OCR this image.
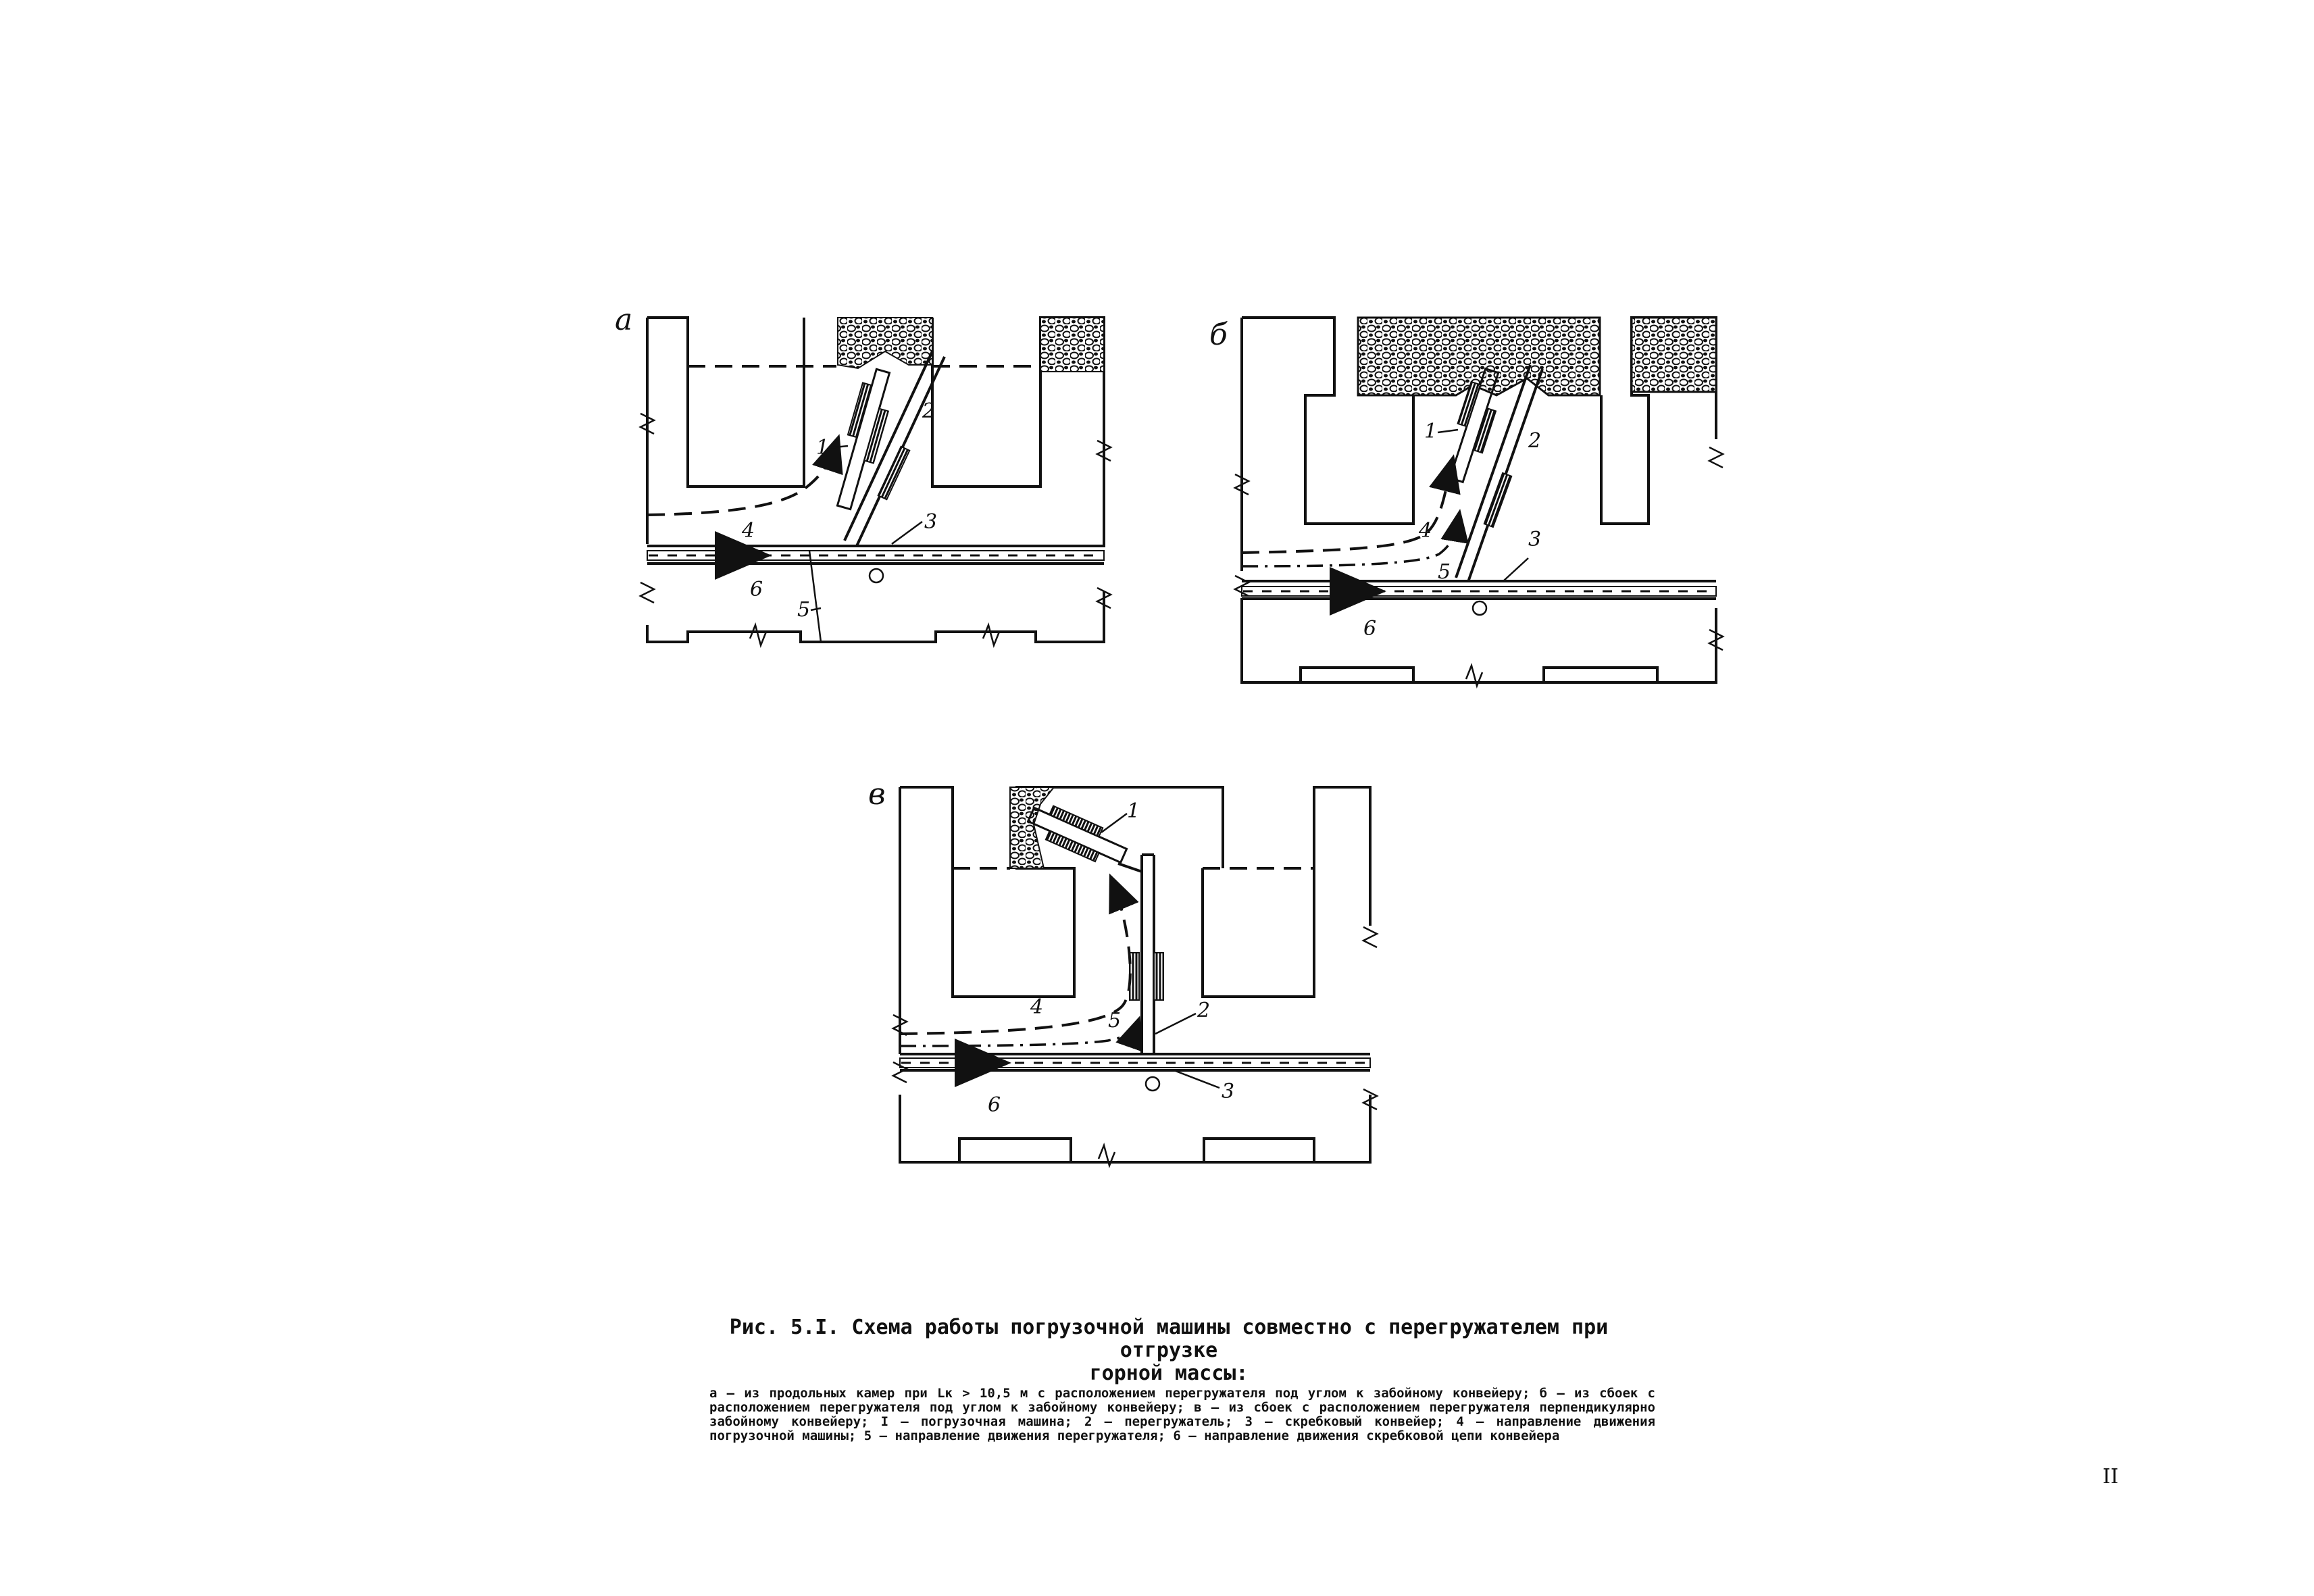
а
1
2
3
4
5
6
б
1	2
3
4
5
6
в	1
2
3
4
5
6
Рис. 5.I. Схема работы погрузочной машины совместно с перегружателем при отгрузке
горной массы:
а – из продольных камер при Lк > 10,5 м с расположением перегружателя под углом к забойному конвейеру; б – из сбоек с расположением перегружателя под углом к забойному конвейеру; в – из сбоек с расположением перегружателя перпендикулярно забойному конвейеру; I – погрузочная машина; 2 – перегружатель; 3 – скребковый конвейер; 4 – направление движения погрузочной машины; 5 – направление движения перегружателя; 6 – направление движения скребковой цепи конвейера
II
